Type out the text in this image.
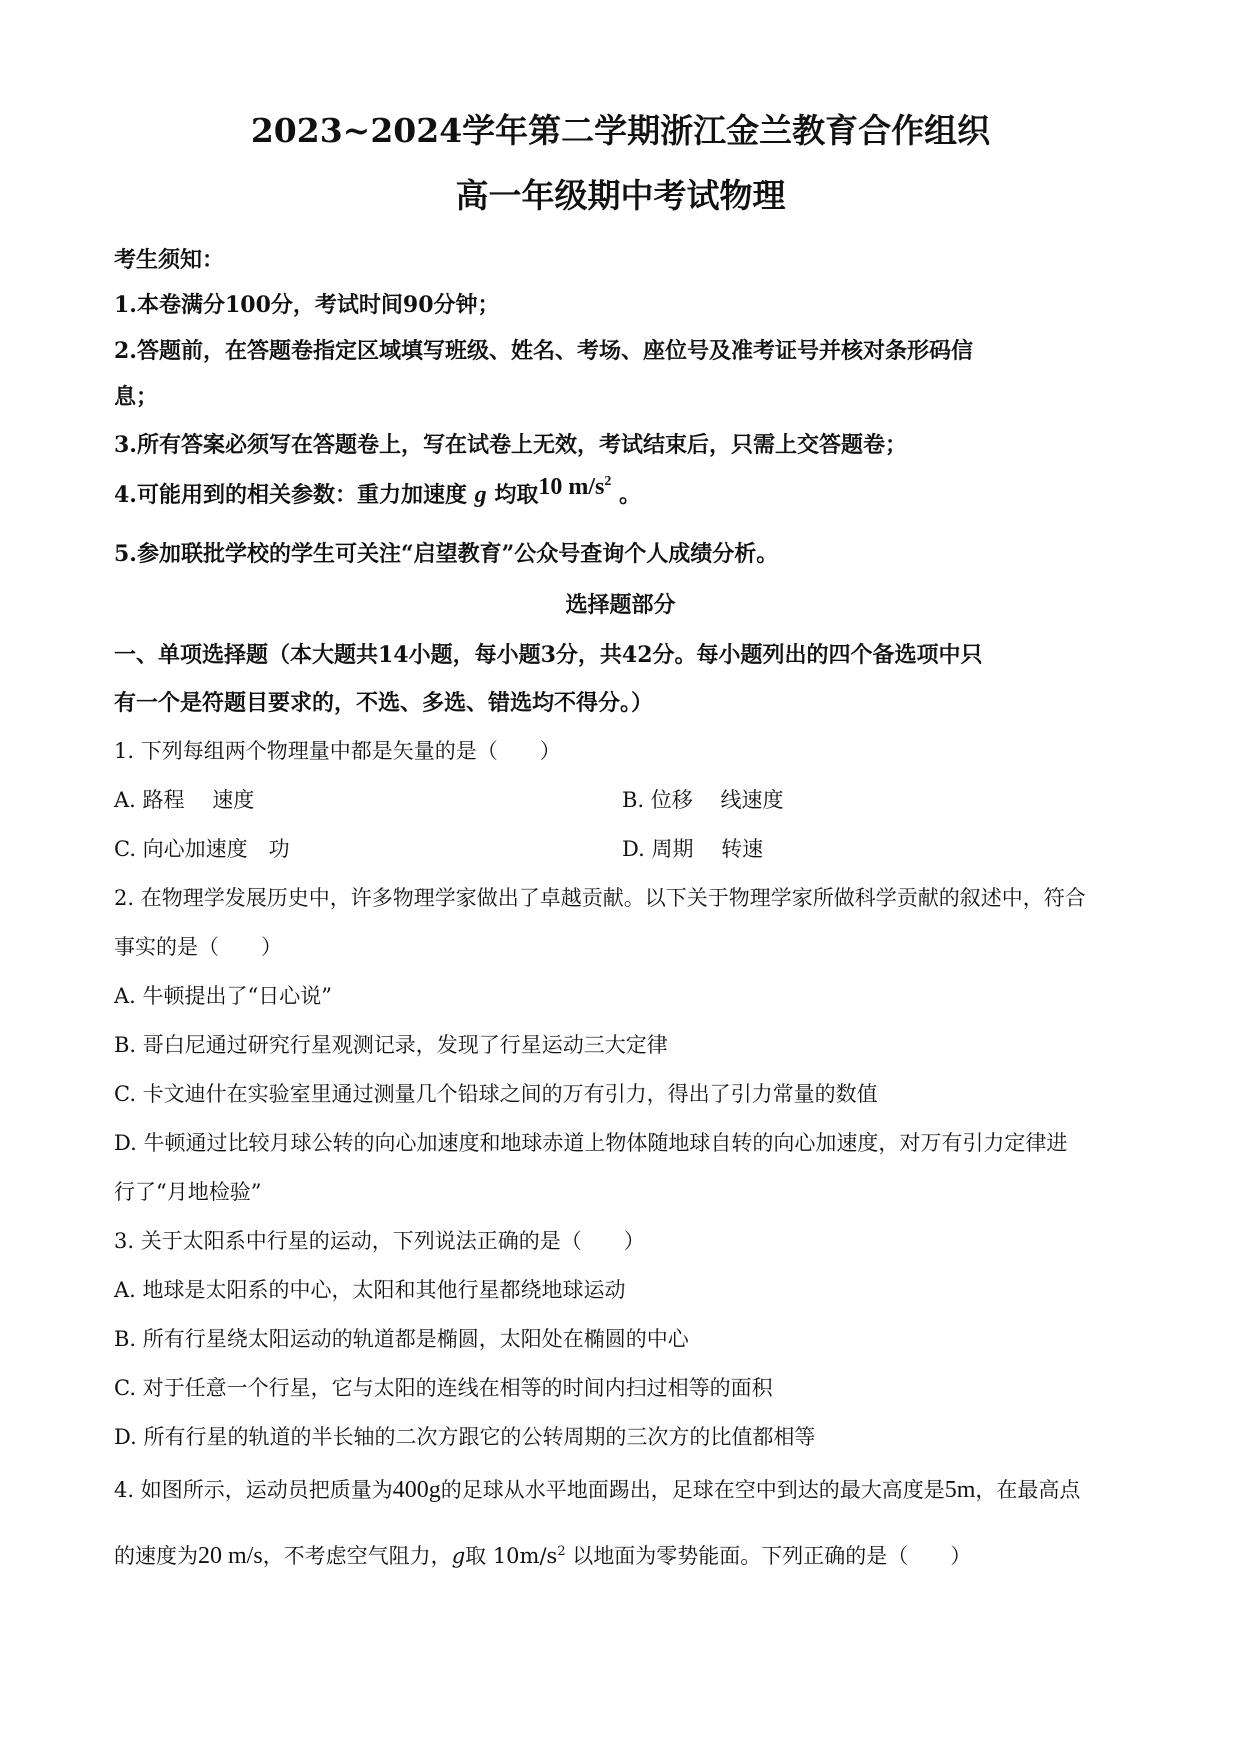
2023~2024学年第二学期浙江金兰教育合作组织
高一年级期中考试物理
考生须知：
1.本卷满分100分，考试时间90分钟；
2.答题前，在答题卷指定区域填写班级、姓名、考场、座位号及准考证号并核对条形码信
息；
3.所有答案必须写在答题卷上，写在试卷上无效，考试结束后，只需上交答题卷；
4.可能用到的相关参数：重力加速度 g 均取10 $m/s^2$ 。
5.参加联批学校的学生可关注“启望教育”公众号查询个人成绩分析。
选择题部分
一、单项选择题（本大题共14小题，每小题3分，共42分。每小题列出的四个备选项中只
有一个是符题目要求的，不选、多选、错选均不得分。）
1. 下列每组两个物理量中都是矢量的是（　　）
A. 路程　 速度	B. 位移　 线速度
C. 向心加速度　功	D. 周期　 转速
2. 在物理学发展历史中，许多物理学家做出了卓越贡献。以下关于物理学家所做科学贡献的叙述中，符合
事实的是（　　）
A. 牛顿提出了“日心说”
B. 哥白尼通过研究行星观测记录，发现了行星运动三大定律
C. 卡文迪什在实验室里通过测量几个铅球之间的万有引力，得出了引力常量的数值
D. 牛顿通过比较月球公转的向心加速度和地球赤道上物体随地球自转的向心加速度，对万有引力定律进
行了“月地检验”
3. 关于太阳系中行星的运动，下列说法正确的是（　　）
A. 地球是太阳系的中心，太阳和其他行星都绕地球运动
B. 所有行星绕太阳运动的轨道都是椭圆，太阳处在椭圆的中心
C. 对于任意一个行星，它与太阳的连线在相等的时间内扫过相等的面积
D. 所有行星的轨道的半长轴的二次方跟它的公转周期的三次方的比值都相等
4. 如图所示，运动员把质量为400g的足球从水平地面踢出，足球在空中到达的最大高度是5m，在最高点
的速度为20 m/s，不考虑空气阻力，g取 $10m/s^2$ 以地面为零势能面。下列正确的是（　　）
